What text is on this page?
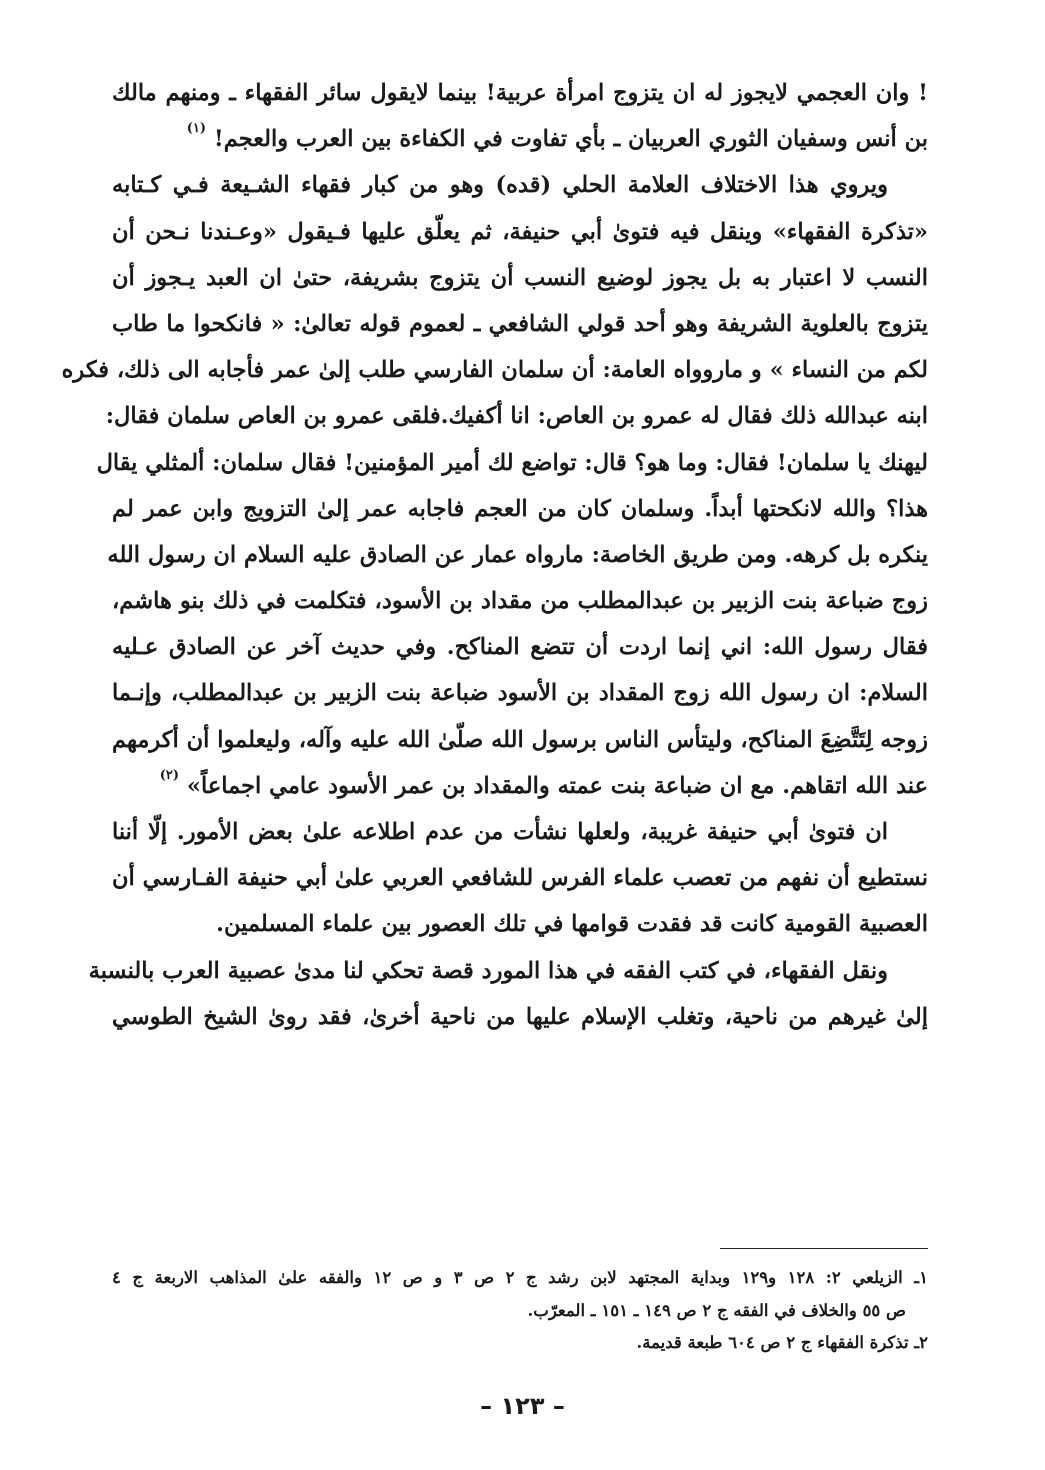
! وان العجمي لايجوز له ان يتزوج امرأة عربية! بينما لايقول سائر الفقهاء ـ ومنهم مالك
بن أنس وسفيان الثوري العربيان ـ بأي تفاوت في الكفاءة بين العرب والعجم! $^{(١)}$
ويروي هذا الاختلاف العلامة الحلي (قده) وهو من كبار فقهاء الشـيعة فـي كـتابه
«تذكرة الفقهاء» وينقل فيه فتوىٰ أبي حنيفة، ثم يعلّق عليها فـيقول «وعـندنا نـحن أن
النسب لا اعتبار به بل يجوز لوضيع النسب أن يتزوج بشريفة، حتىٰ ان العبد يـجوز أن
يتزوج بالعلوية الشريفة وهو أحد قولي الشافعي ـ لعموم قوله تعالىٰ: « فانكحوا ما طاب
لكم من النساء » و ماروواه العامة: أن سلمان الفارسي طلب إلىٰ عمر فأجابه الى ذلك، فكره
ابنه عبدالله ذلك فقال له عمرو بن العاص: انا أكفيك.فلقى عمرو بن العاص سلمان فقال:
ليهنك يا سلمان! فقال: وما هو؟ قال: تواضع لك أمير المؤمنين! فقال سلمان: ألمثلي يقال
هذا؟ والله لانكحتها أبداً. وسلمان كان من العجم فاجابه عمر إلىٰ التزويج وابن عمر لم
ينكره بل كرهه. ومن طريق الخاصة: مارواه عمار عن الصادق عليه السلام ان رسول الله
زوج ضباعة بنت الزبير بن عبدالمطلب من مقداد بن الأسود، فتكلمت في ذلك بنو هاشم،
فقال رسول الله: اني إنما اردت أن تتضع المناكح. وفي حديث آخر عن الصادق عـليه
السلام: ان رسول الله زوج المقداد بن الأسود ضباعة بنت الزبير بن عبدالمطلب، وإنـما
زوجه لِتَتَّضِعَ المناكح، وليتأس الناس برسول الله صلّىٰ الله عليه وآله، وليعلموا أن أكرمهم
عند الله اتقاهم. مع ان ضباعة بنت عمته والمقداد بن عمر الأسود عامي اجماعاً» $^{(٢)}$
ان فتوىٰ أبي حنيفة غريبة، ولعلها نشأت من عدم اطلاعه علىٰ بعض الأمور. إلّا أننا
نستطيع أن نفهم من تعصب علماء الفرس للشافعي العربي علىٰ أبي حنيفة الفـارسي أن
العصبية القومية كانت قد فقدت قوامها في تلك العصور بين علماء المسلمين.
ونقل الفقهاء، في كتب الفقه في هذا المورد قصة تحكي لنا مدىٰ عصبية العرب بالنسبة
إلىٰ غيرهم من ناحية، وتغلب الإسلام عليها من ناحية أخرىٰ، فقد روىٰ الشيخ الطوسي
١ـ الزيلعي ٢: ١٢٨ و١٢٩ وبداية المجتهد لابن رشد ج ٢ ص ٣ و ص ١٢ والفقه علىٰ المذاهب الاربعة ج ٤
ص ٥٥ والخلاف في الفقه ج ٢ ص ١٤٩ ـ ١٥١ ـ المعرّب.
٢ـ تذكرة الفقهاء ج ٢ ص ٦٠٤ طبعة قديمة.
– ١٢٣ –
